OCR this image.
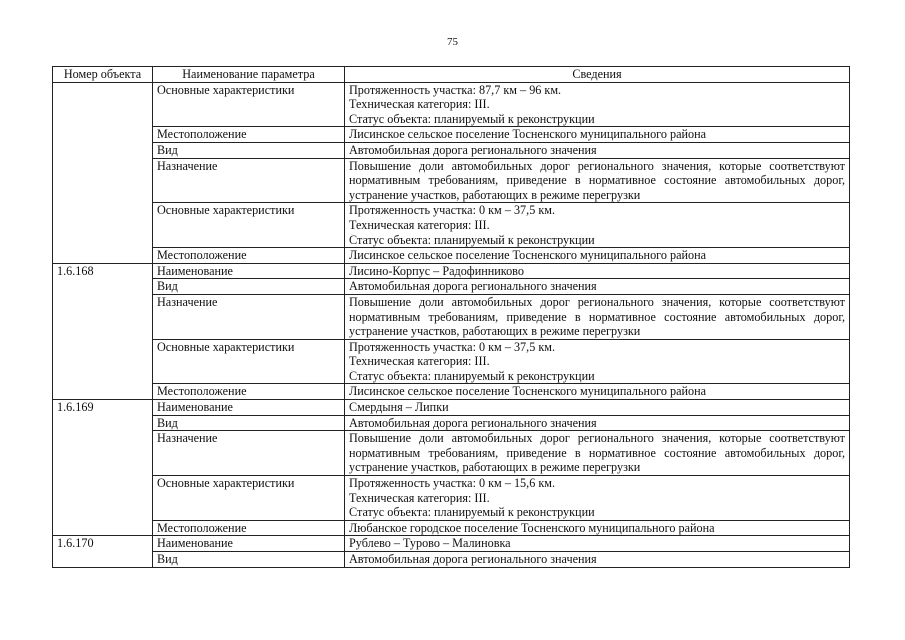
75
Номер объекта	Наименование параметра	Сведения
	Основные характеристики	Протяженность участка: 87,7 км – 96 км.
Техническая категория: III.
Статус объекта: планируемый к реконструкции

	Местоположение	Лисинское сельское поселение Тосненского муниципального района

	Вид	Автомобильная дорога регионального значения

	Назначение	Повышение доли автомобильных дорог регионального значения, которые соответствуют нормативным требованиям, приведение в нормативное состояние автомобильных дорог, устранение участков, работающих в режиме перегрузки

	Основные характеристики	Протяженность участка: 0 км – 37,5 км.
Техническая категория: III.
Статус объекта: планируемый к реконструкции

	Местоположение	Лисинское сельское поселение Тосненского муниципального района

1.6.168	Наименование	Лисино-Корпус – Радофинниково

	Вид	Автомобильная дорога регионального значения

	Назначение	Повышение доли автомобильных дорог регионального значения, которые соответствуют нормативным требованиям, приведение в нормативное состояние автомобильных дорог, устранение участков, работающих в режиме перегрузки

	Основные характеристики	Протяженность участка: 0 км – 37,5 км.
Техническая категория: III.
Статус объекта: планируемый к реконструкции

	Местоположение	Лисинское сельское поселение Тосненского муниципального района

1.6.169	Наименование	Смердыня – Липки

	Вид	Автомобильная дорога регионального значения

	Назначение	Повышение доли автомобильных дорог регионального значения, которые соответствуют нормативным требованиям, приведение в нормативное состояние автомобильных дорог, устранение участков, работающих в режиме перегрузки

	Основные характеристики	Протяженность участка: 0 км – 15,6 км.
Техническая категория: III.
Статус объекта: планируемый к реконструкции

	Местоположение	Любанское городское поселение Тосненского муниципального района

1.6.170	Наименование	Рублево – Турово – Малиновка

	Вид	Автомобильная дорога регионального значения
